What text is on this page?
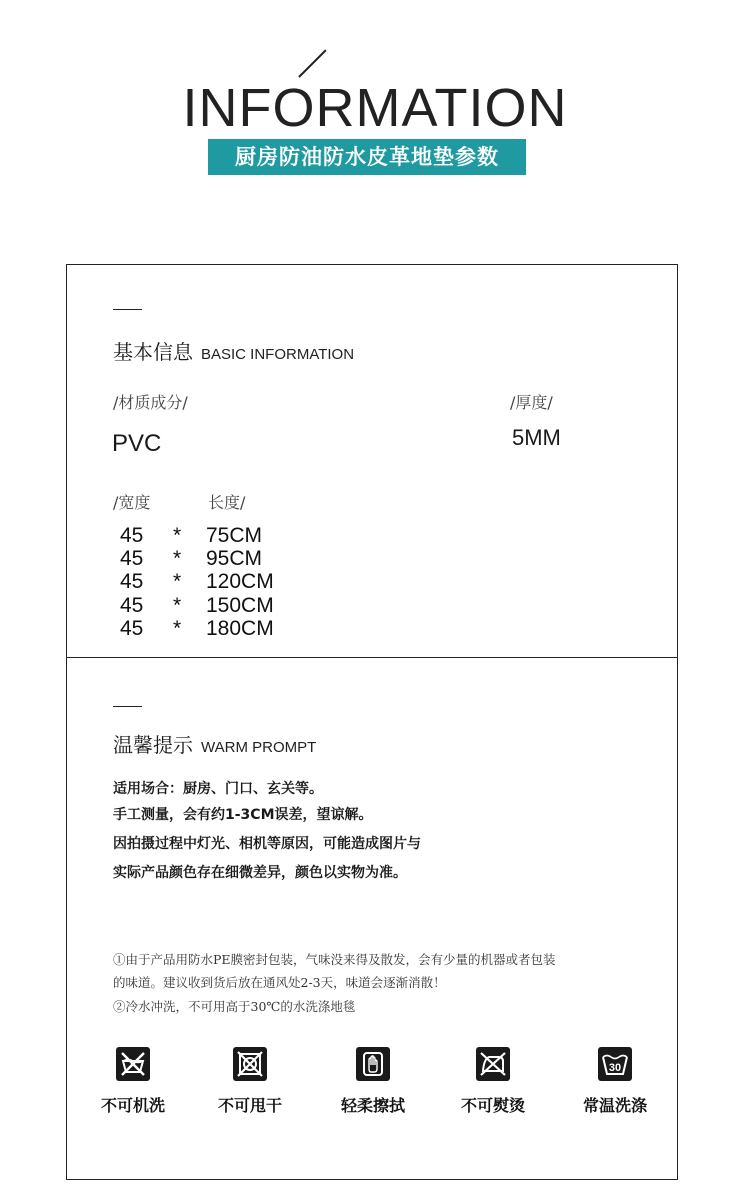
INFORMATION
厨房防油防水皮革地垫参数
基本信息 BASIC INFORMATION
/材质成分/
PVC
/厚度/
5MM
/宽度	长度/
45 * 75CM
45 * 95CM
45 * 120CM
45 * 150CM
45 * 180CM
温馨提示 WARM PROMPT
适用场合：厨房、门口、玄关等。
手工测量，会有约1-3CM误差，望谅解。
因拍摄过程中灯光、相机等原因，可能造成图片与
实际产品颜色存在细微差异，颜色以实物为准。
①由于产品用防水PE膜密封包装，气味没来得及散发，会有少量的机器或者包装
的味道。建议收到货后放在通风处2-3天，味道会逐渐消散！
②冷水冲洗，不可用高于30℃的水洗涤地毯
不可机洗	不可甩干	轻柔擦拭	不可熨烫
30
常温洗涤
